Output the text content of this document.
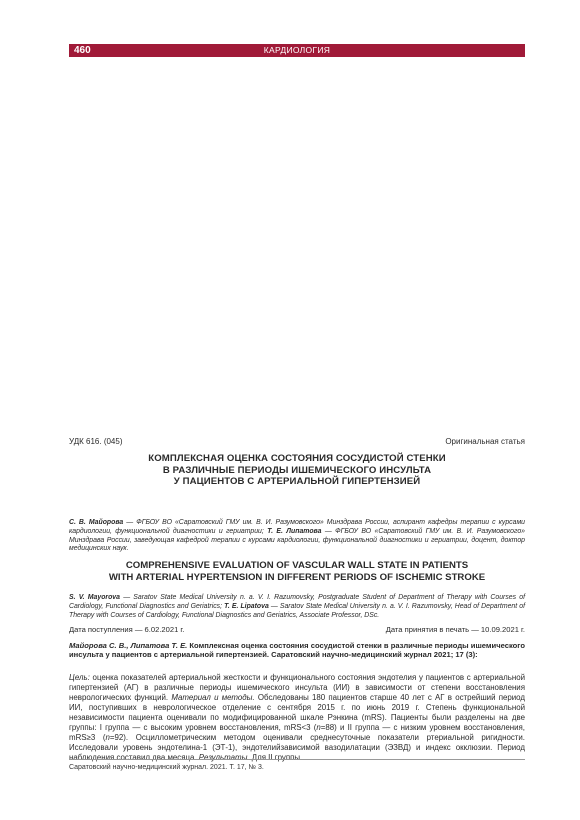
460	КАРДИОЛОГИЯ
УДК 616. (045)	Оригинальная статья
КОМПЛЕКСНАЯ ОЦЕНКА СОСТОЯНИЯ СОСУДИСТОЙ СТЕНКИ
В РАЗЛИЧНЫЕ ПЕРИОДЫ ИШЕМИЧЕСКОГО ИНСУЛЬТА
У ПАЦИЕНТОВ С АРТЕРИАЛЬНОЙ ГИПЕРТЕНЗИЕЙ
С. В. Майорова — ФГБОУ ВО «Саратовский ГМУ им. В. И. Разумовского» Минздрава России, аспирант кафедры терапии с курсами кардиологии, функциональной диагностики и гериатрии; Т. Е. Липатова — ФГБОУ ВО «Саратовский ГМУ им. В. И. Разумовского» Минздрава России, заведующая кафедрой терапии с курсами кардиологии, функциональной диагностики и гериатрии, доцент, доктор медицинских наук.
COMPREHENSIVE EVALUATION OF VASCULAR WALL STATE IN PATIENTS
WITH ARTERIAL HYPERTENSION IN DIFFERENT PERIODS OF ISCHEMIC STROKE
S. V. Mayorova — Saratov State Medical University n. a. V. I. Razumovsky, Postgraduate Student of Department of Therapy with Courses of Cardiology, Functional Diagnostics and Geriatrics; T. E. Lipatova — Saratov State Medical University n. a. V. I. Razumovsky, Head of Department of Therapy with Courses of Cardiology, Functional Diagnostics and Geriatrics, Associate Professor, DSc.
Дата поступления — 6.02.2021 г.	Дата принятия в печать — 10.09.2021 г.
Майорова С. В., Липатова Т. Е. Комплексная оценка состояния сосудистой стенки в различные периоды ишемического инсульта у пациентов с артериальной гипертензией. Саратовский научно-медицинский журнал 2021; 17 (3):
Цель: оценка показателей артериальной жесткости и функционального состояния эндотелия у пациентов с артериальной гипертензией (АГ) в различные периоды ишемического инсульта (ИИ) в зависимости от степени восстановления неврологических функций. Материал и методы. Обследованы 180 пациентов старше 40 лет с АГ в острейший период ИИ, поступивших в неврологическое отделение с сентября 2015 г. по июнь 2019 г. Степень функциональной независимости пациента оценивали по модифицированной шкале Рэнкина (mRS). Пациенты были разделены на две группы: I группа — с высоким уровнем восстановления, mRS<3 (n=88) и II группа — с низким уровнем восстановления, mRS≥3 (n=92). Осциллометрическим методом оценивали среднесуточные показатели ртериальной ригидности. Исследовали уровень эндотелина-1 (ЭТ-1), эндотелийзависимой вазодилатации (ЭЗВД) и индекс окклюзии. Период наблюдения составил два месяца. Результаты. Для II группы
Саратовский научно-медицинский журнал. 2021. Т. 17, № 3.
